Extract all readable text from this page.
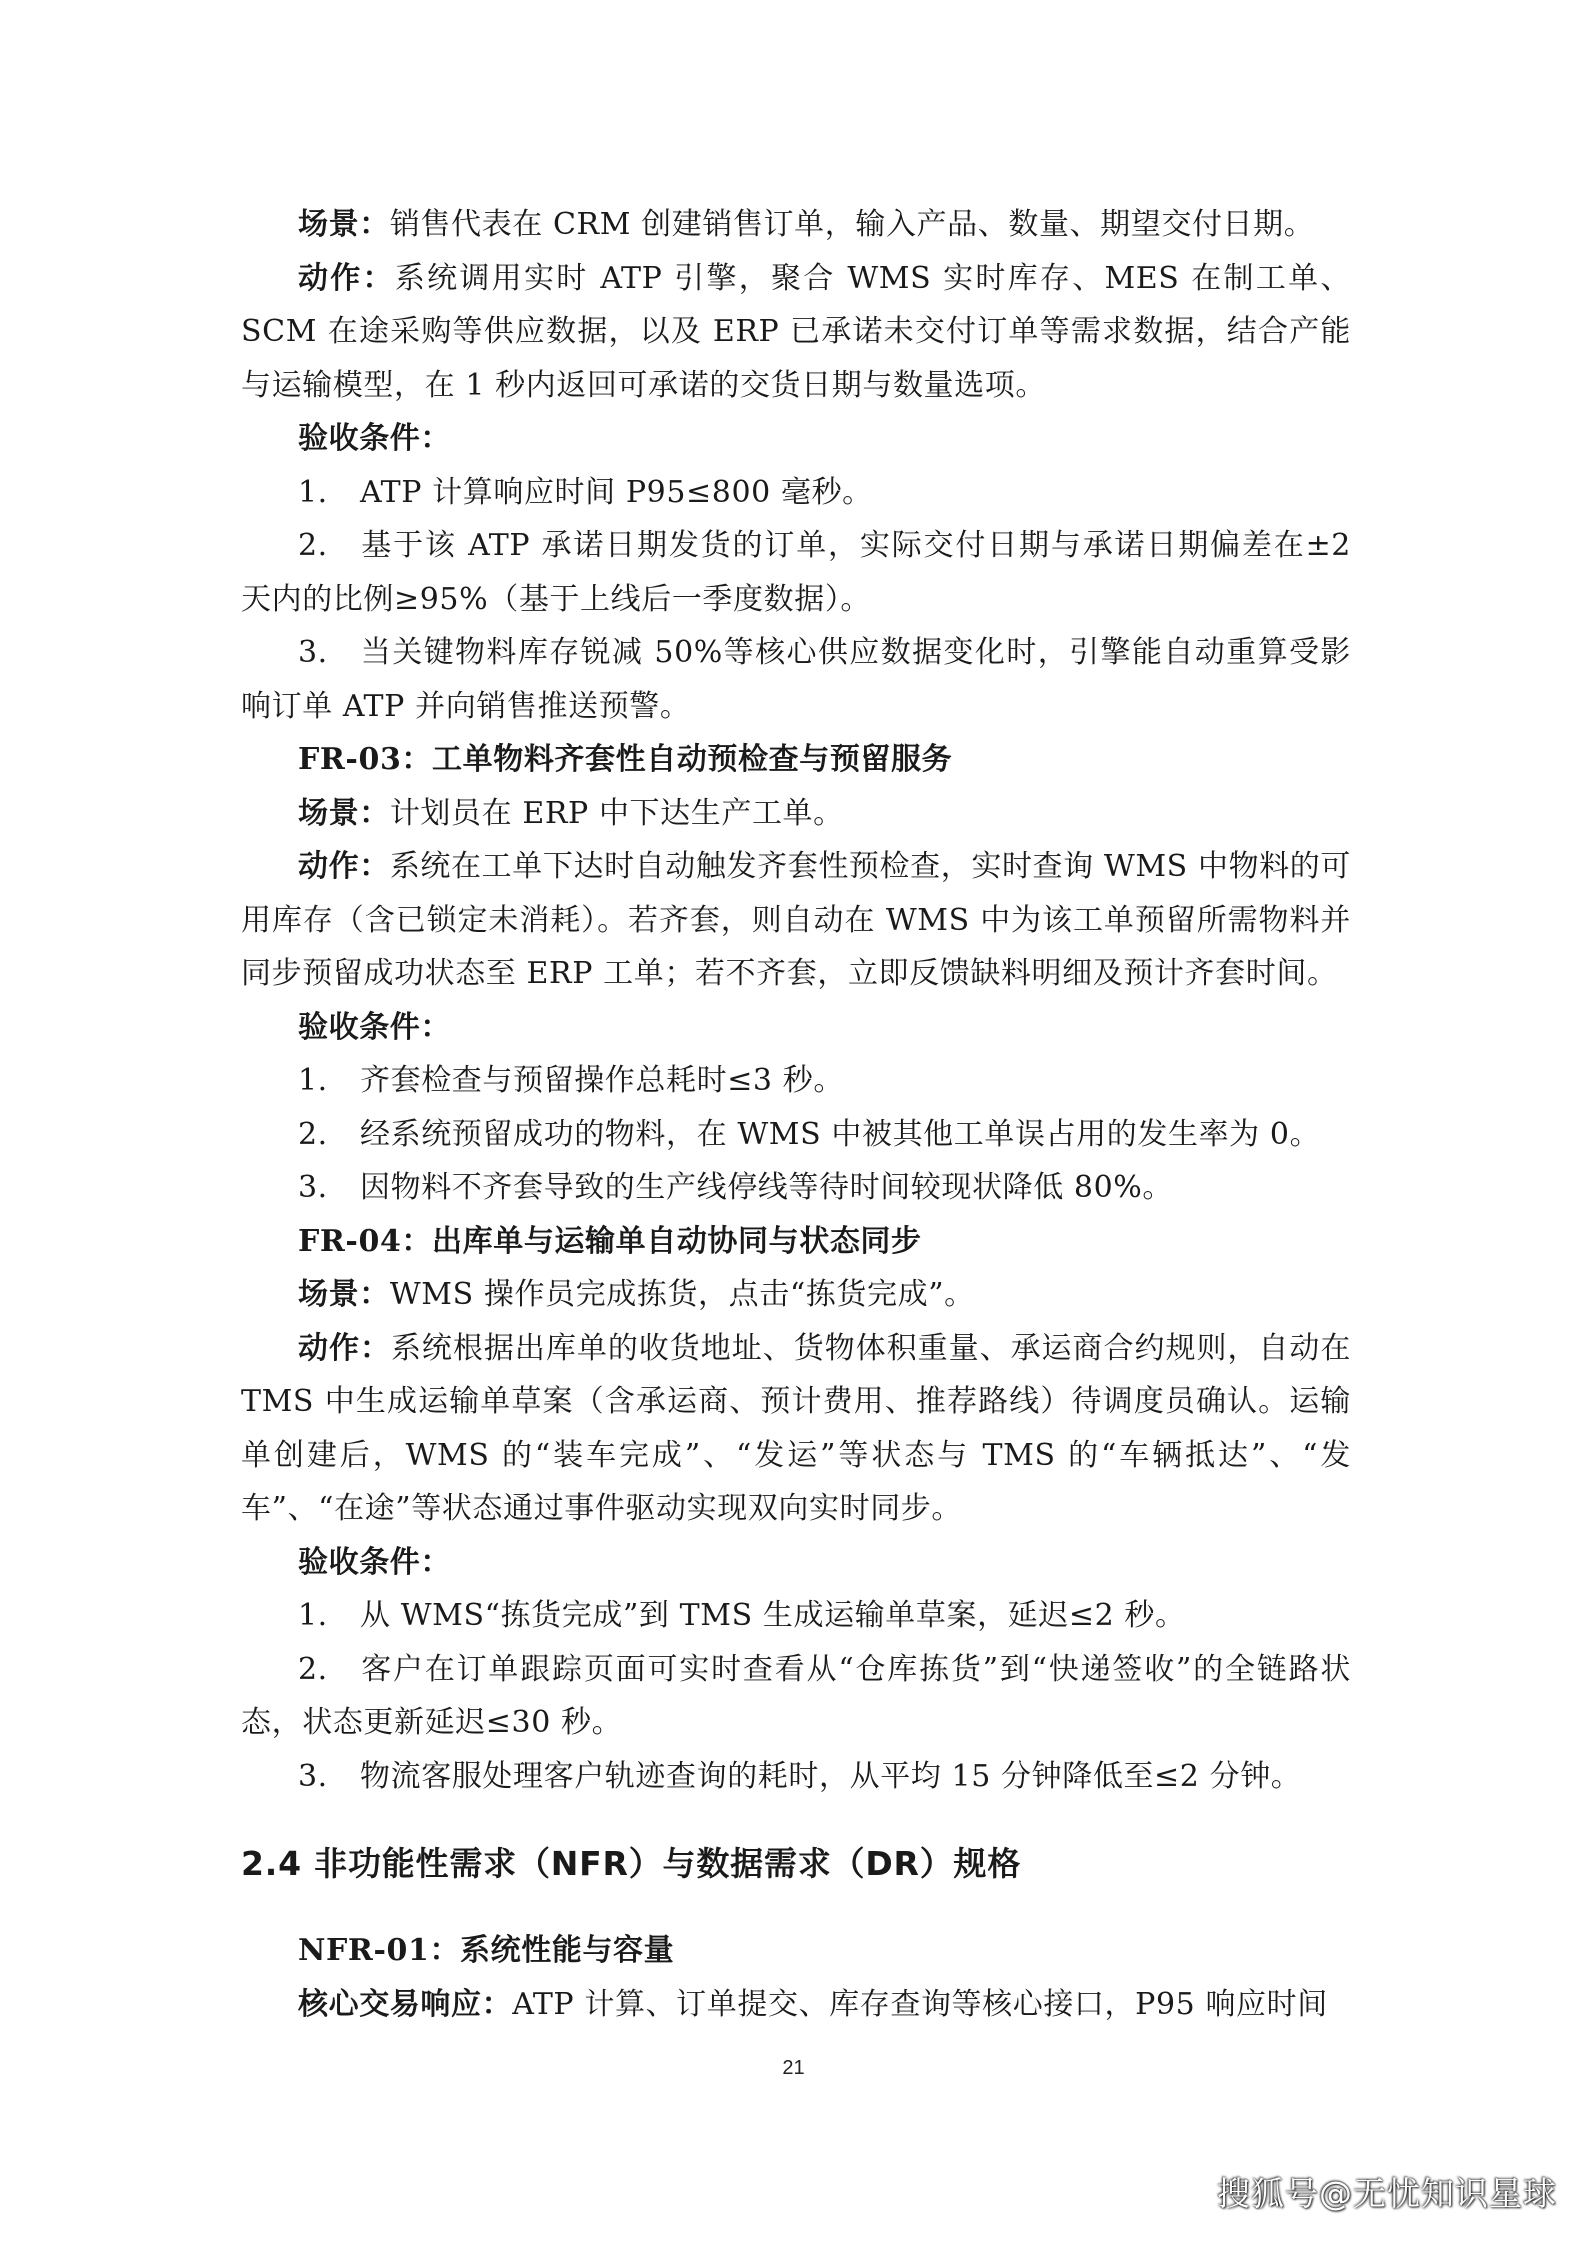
场景：销售代表在 CRM 创建销售订单，输入产品、数量、期望交付日期。

动作：系统调用实时 ATP 引擎，聚合 WMS 实时库存、MES 在制工单、SCM 在途采购等供应数据，以及 ERP 已承诺未交付订单等需求数据，结合产能与运输模型，在 1 秒内返回可承诺的交货日期与数量选项。

验收条件：

1. ATP 计算响应时间 P95≤800 毫秒。

2. 基于该 ATP 承诺日期发货的订单，实际交付日期与承诺日期偏差在±2 天内的比例≥95%（基于上线后一季度数据）。

3. 当关键物料库存锐减 50%等核心供应数据变化时，引擎能自动重算受影响订单 ATP 并向销售推送预警。

FR-03：工单物料齐套性自动预检查与预留服务

场景：计划员在 ERP 中下达生产工单。

动作：系统在工单下达时自动触发齐套性预检查，实时查询 WMS 中物料的可用库存（含已锁定未消耗）。若齐套，则自动在 WMS 中为该工单预留所需物料并同步预留成功状态至 ERP 工单；若不齐套，立即反馈缺料明细及预计齐套时间。

验收条件：

1. 齐套检查与预留操作总耗时≤3 秒。

2. 经系统预留成功的物料，在 WMS 中被其他工单误占用的发生率为 0。

3. 因物料不齐套导致的生产线停线等待时间较现状降低 80%。

FR-04：出库单与运输单自动协同与状态同步

场景：WMS 操作员完成拣货，点击“拣货完成”。

动作：系统根据出库单的收货地址、货物体积重量、承运商合约规则，自动在 TMS 中生成运输单草案（含承运商、预计费用、推荐路线）待调度员确认。运输单创建后，WMS 的“装车完成”、“发运”等状态与 TMS 的“车辆抵达”、“发车”、“在途”等状态通过事件驱动实现双向实时同步。

验收条件：

1. 从 WMS“拣货完成”到 TMS 生成运输单草案，延迟≤2 秒。

2. 客户在订单跟踪页面可实时查看从“仓库拣货”到“快递签收”的全链路状态，状态更新延迟≤30 秒。

3. 物流客服处理客户轨迹查询的耗时，从平均 15 分钟降低至≤2 分钟。

2.4 非功能性需求（NFR）与数据需求（DR）规格

NFR-01：系统性能与容量

核心交易响应：ATP 计算、订单提交、库存查询等核心接口，P95 响应时间

21
搜狐号@无忧知识星球
